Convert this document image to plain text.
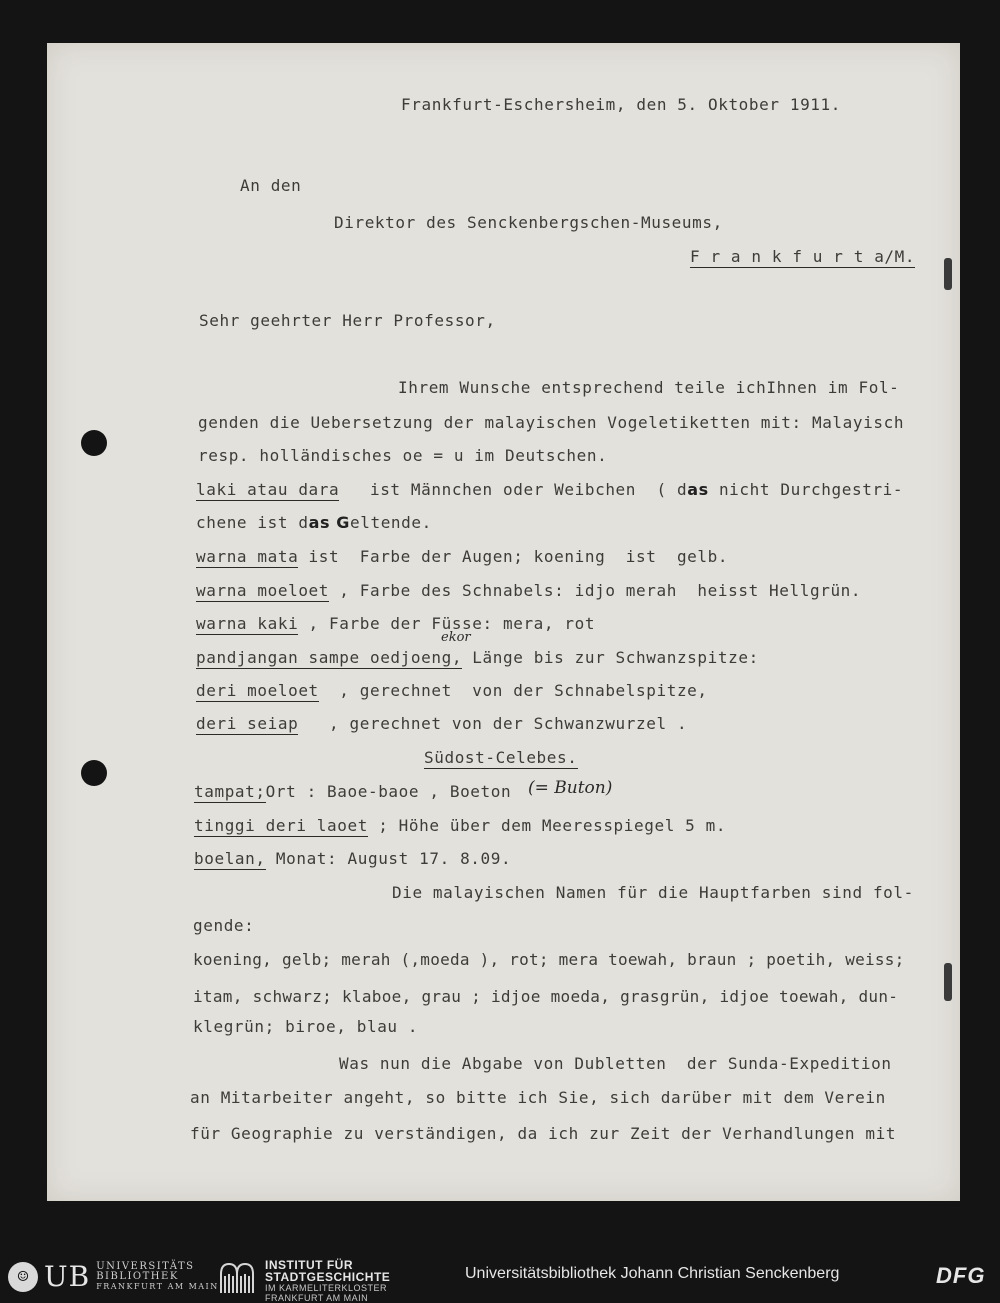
Frankfurt-Eschersheim, den 5. Oktober 1911.
An den
Direktor des Senckenbergschen-Museums,
F r a n k f u r t a/M.
Sehr geehrter Herr Professor,
Ihrem Wunsche entsprechend teile ichIhnen im Fol-
genden die Uebersetzung der malayischen Vogeletiketten mit: Malayisch
resp. holländisches oe = u im Deutschen.
laki atau dara ist Männchen oder Weibchen  ( das nicht Durchgestri-
chene ist das Geltende.
warna mata ist  Farbe der Augen; koening  ist  gelb.
warna moeloet , Farbe des Schnabels: idjo merah  heisst Hellgrün.
warna kaki , Farbe der Füsse: mera, rot
ekor
pandjangan sampe oedjoeng, Länge bis zur Schwanzspitze:
deri moeloet  , gerechnet  von der Schnabelspitze,
deri seiap   , gerechnet von der Schwanzwurzel .
Südost-Celebes.
tampat;Ort : Baoe-baoe , Boeton (= Buton)
tinggi deri laoet ; Höhe über dem Meeresspiegel 5 m.
boelan, Monat: August 17. 8.09.
Die malayischen Namen für die Hauptfarben sind fol-
gende:
koening, gelb; merah (,moeda ), rot; mera toewah, braun ; poetih, weiss;
itam, schwarz; klaboe, grau ; idjoe moeda, grasgrün, idjoe toewah, dun-
klegrün; biroe, blau .
Was nun die Abgabe von Dubletten  der Sunda-Expedition
an Mitarbeiter angeht, so bitte ich Sie, sich darüber mit dem Verein
für Geographie zu verständigen, da ich zur Zeit der Verhandlungen mit
☺ UB UNIVERSITÄTS
BIBLIOTHEK
FRANKFURT AM MAIN
INSTITUT FÜR
STADTGESCHICHTE
IM KARMELITERKLOSTER
FRANKFURT AM MAIN
Universitätsbibliothek Johann Christian Senckenberg	DFG
